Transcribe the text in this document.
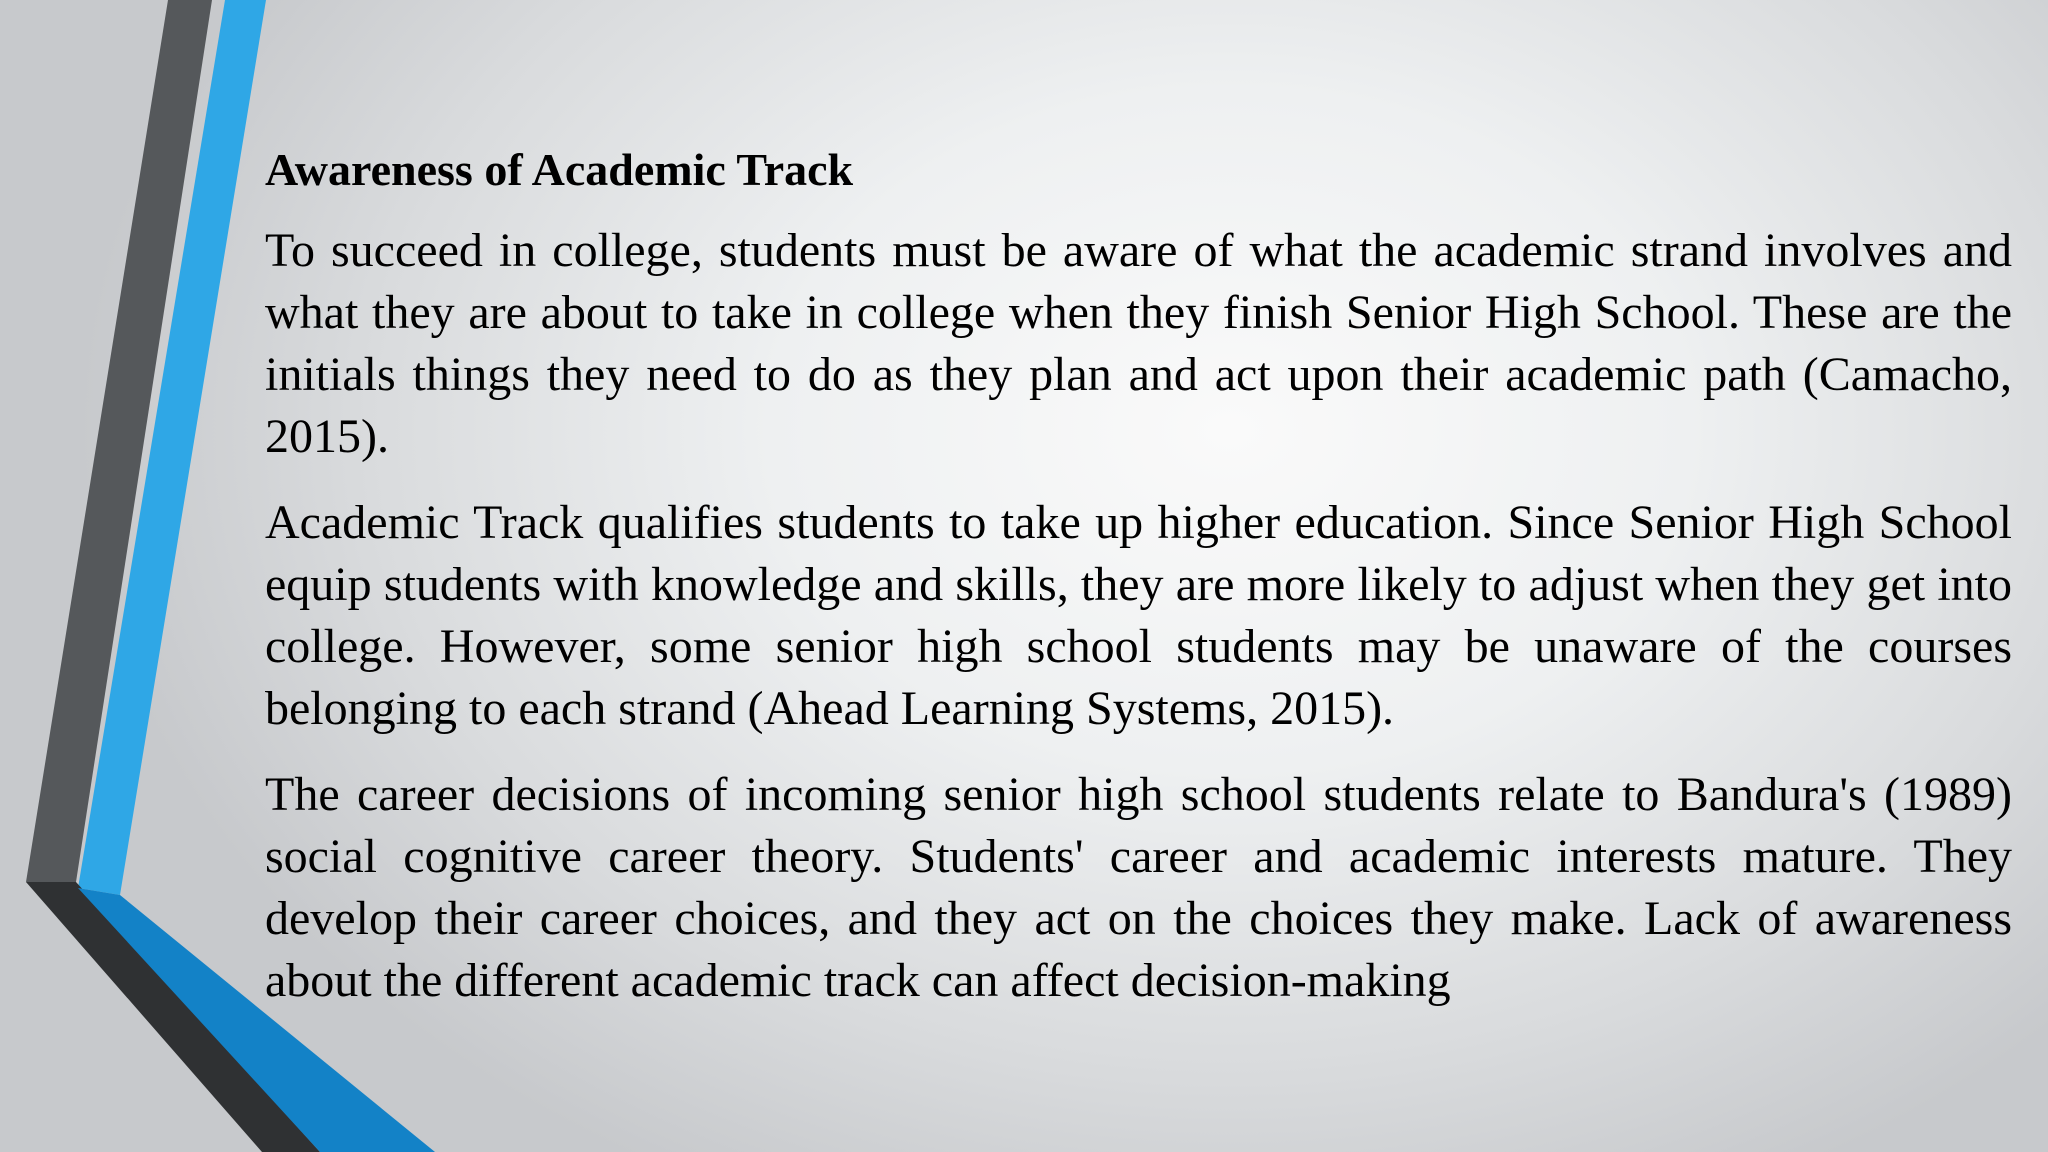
Awareness of Academic Track

To succeed in college, students must be aware of what the academic strand involves and what they are about to take in college when they finish Senior High School. These are the initials things they need to do as they plan and act upon their academic path (Camacho, 2015).

Academic Track qualifies students to take up higher education. Since Senior High School equip students with knowledge and skills, they are more likely to adjust when they get into college. However, some senior high school students may be unaware of the courses belonging to each strand (Ahead Learning Systems, 2015).

The career decisions of incoming senior high school students relate to Bandura's (1989) social cognitive career theory. Students' career and academic interests mature. They develop their career choices, and they act on the choices they make. Lack of awareness about the different academic track can affect decision-making
